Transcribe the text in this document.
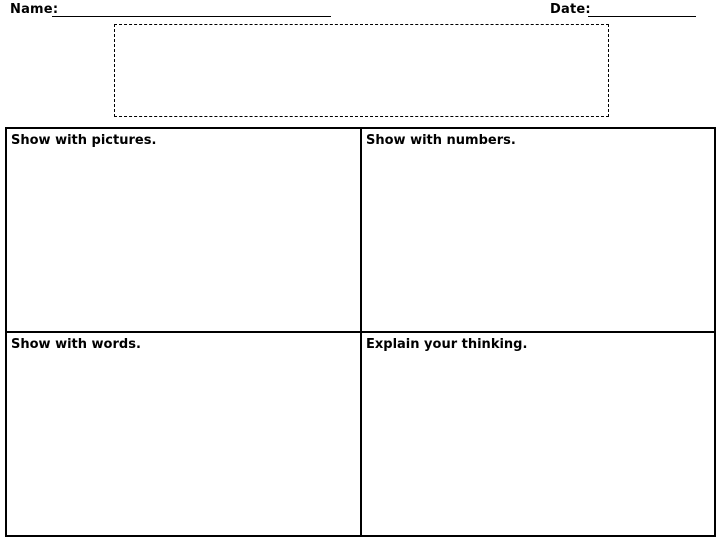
Name:	Date:
Show with pictures.	Show with numbers.
Show with words.	Explain your thinking.
